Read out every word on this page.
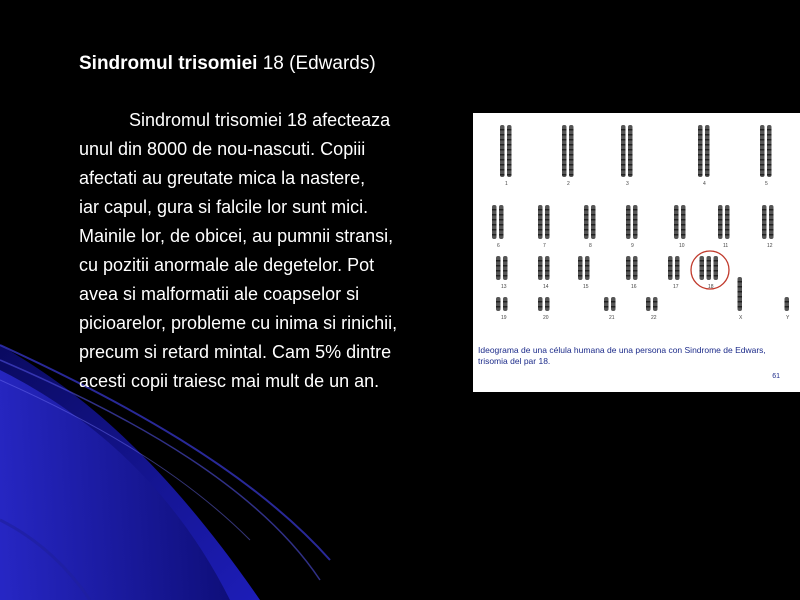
Sindromul trisomiei 18 (Edwards)

Sindromul trisomiei 18 afecteaza

unul din 8000 de nou-nascuti. Copiii

afectati au greutate mica la nastere,

iar capul, gura si falcile lor sunt mici.

Mainile lor, de obicei, au pumnii stransi,

cu pozitii anormale ale degetelor. Pot

avea si malformatii ale coapselor si

picioarelor, probleme cu inima si rinichii,

precum si retard mintal. Cam 5% dintre

acesti copii traiesc mai mult de un an.

1	2	3	4	5
6	7	8	9	10	11	12
13	14	15	16	17	18
19	20	21	22	X	Y
Ideograma de una célula humana de una persona con Sindrome de Edwars, trisomia del par 18.
61
